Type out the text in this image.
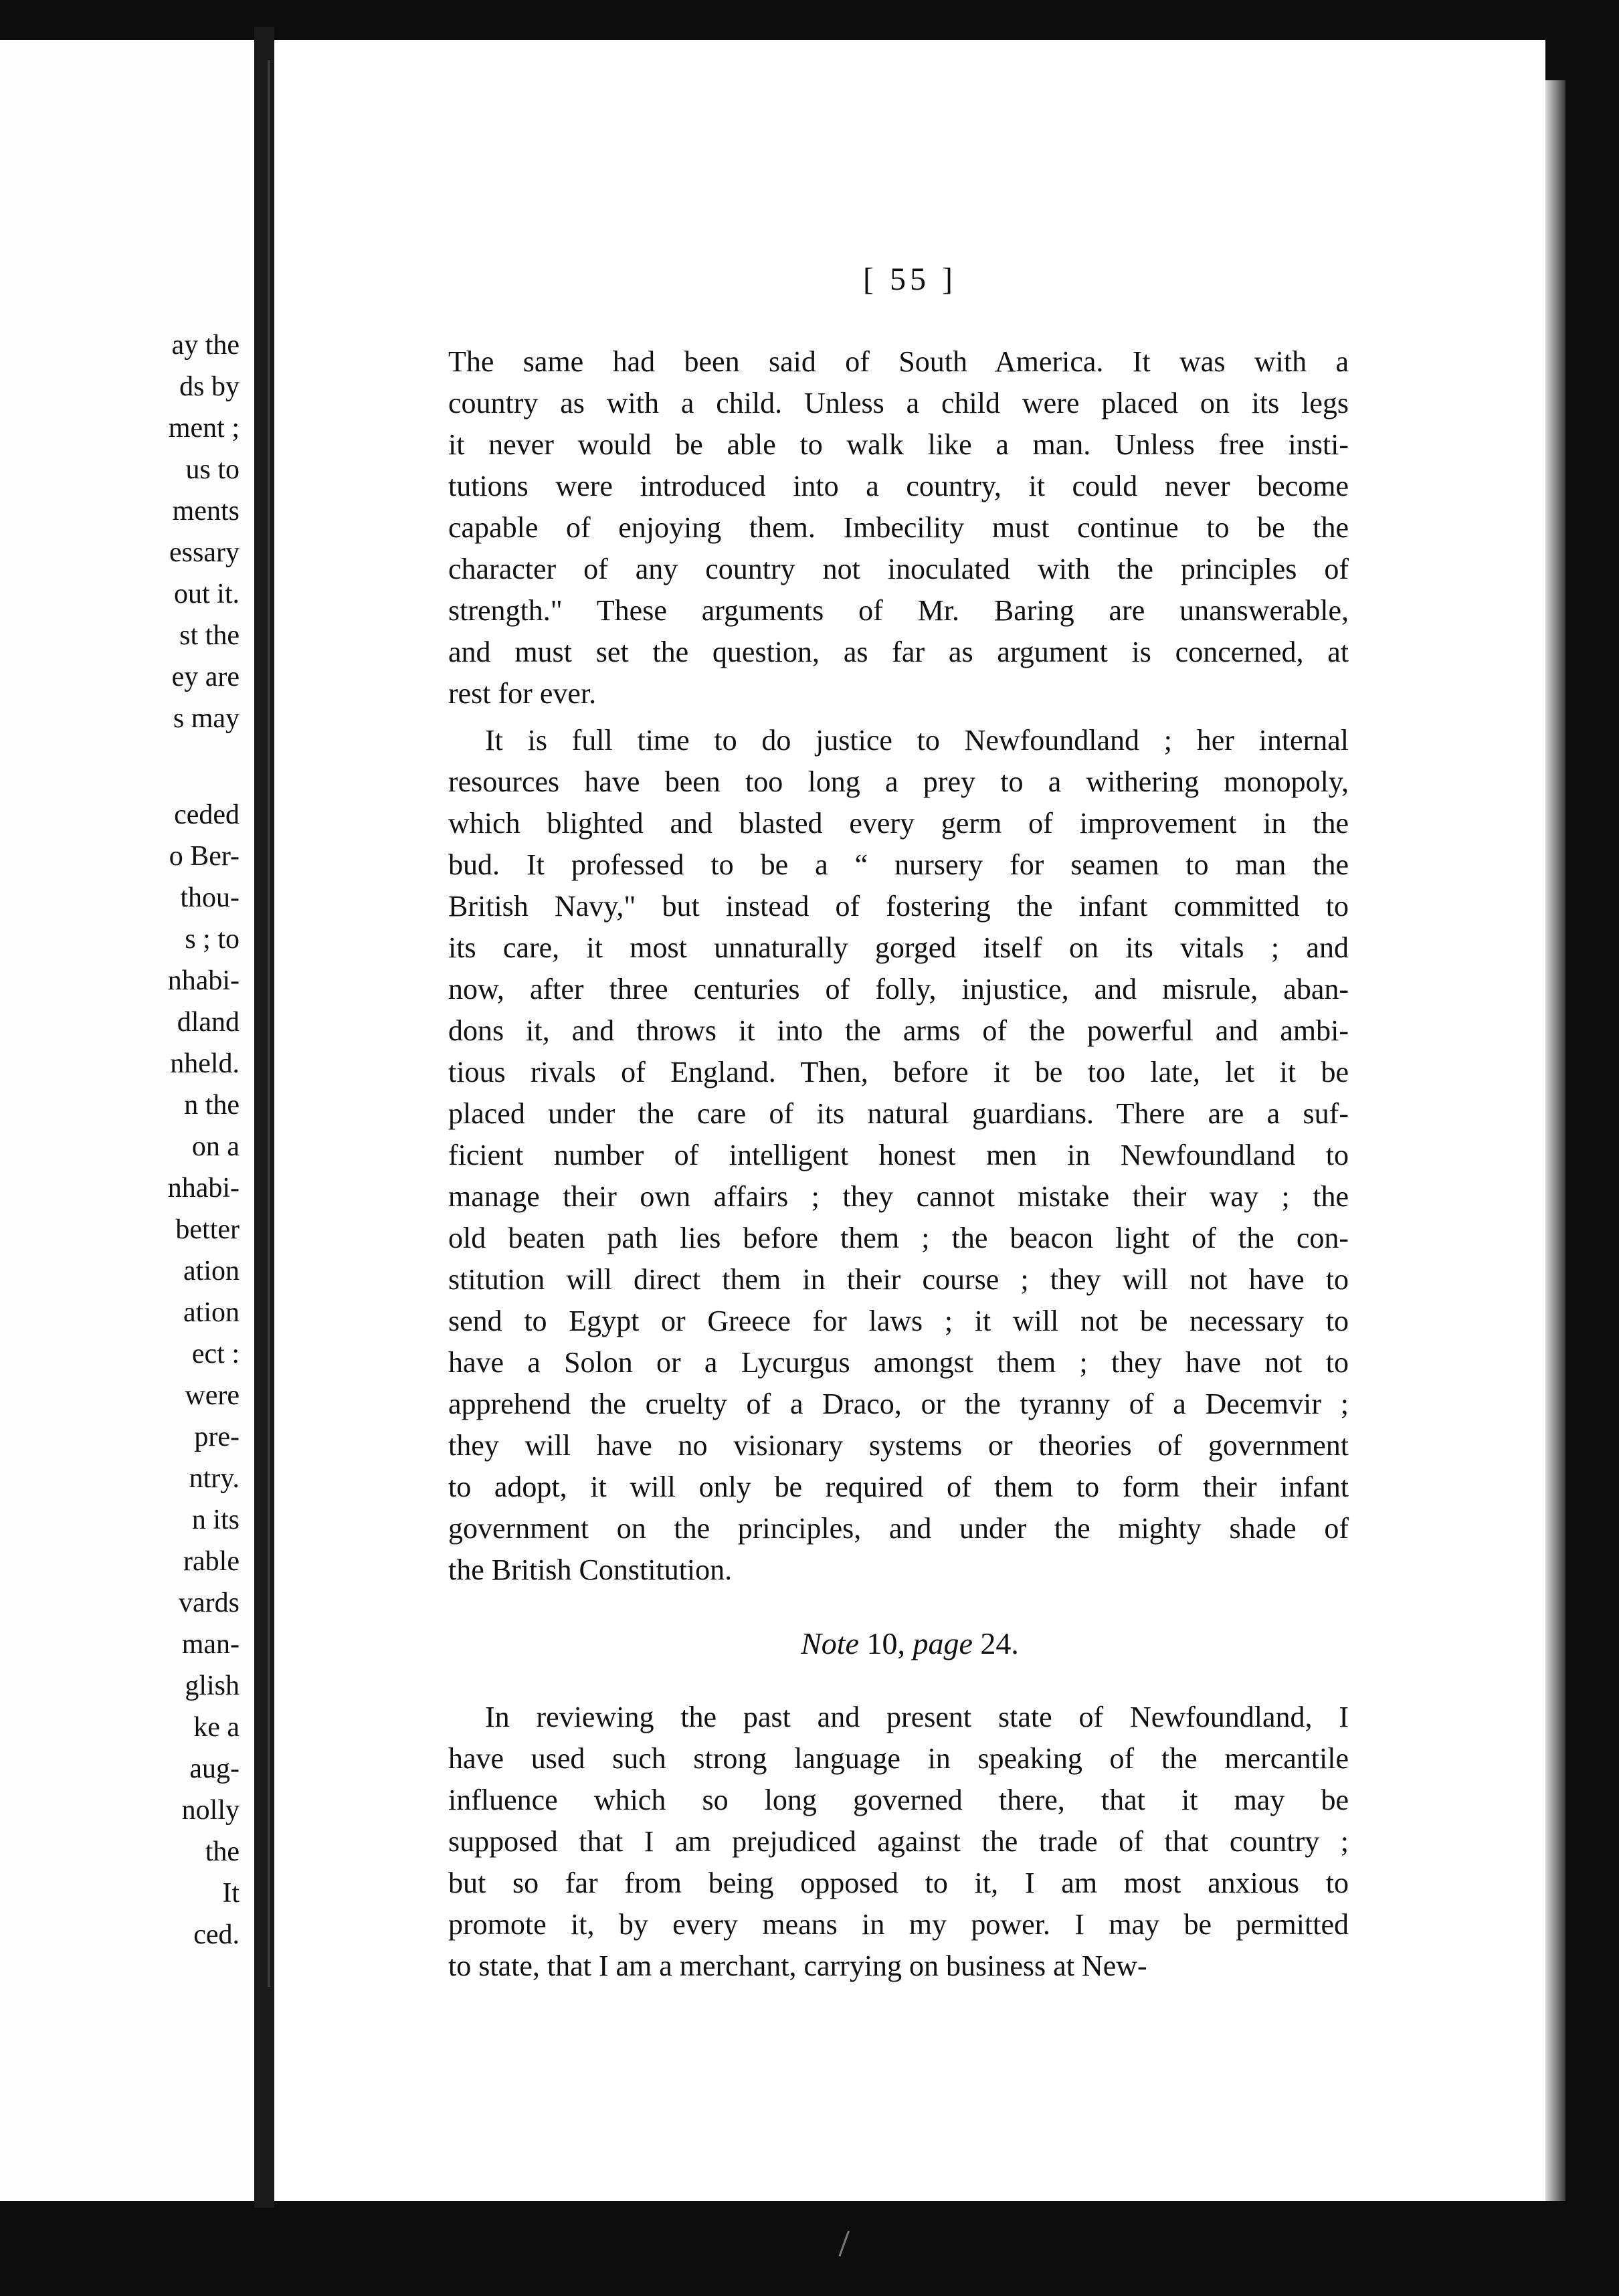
ay the
ds by
ment ;
us to
ments
essary
out it.
st the
ey are
s may
ceded
o Ber-
thou-
s ; to
nhabi-
dland
nheld.
n the
on a
nhabi-
better
ation
ation
ect :
were
pre-
ntry.
n its
rable
vards
man-
glish
ke a
aug-
nolly
the
It
ced.
[ 55 ]
The same had been said of South America. It was with a
country as with a child. Unless a child were placed on its legs
it never would be able to walk like a man. Unless free insti-
tutions were introduced into a country, it could never become
capable of enjoying them. Imbecility must continue to be the
character of any country not inoculated with the principles of
strength." These arguments of Mr. Baring are unanswerable,
and must set the question, as far as argument is concerned, at
rest for ever.
It is full time to do justice to Newfoundland ; her internal
resources have been too long a prey to a withering monopoly,
which blighted and blasted every germ of improvement in the
bud. It professed to be a “ nursery for seamen to man the
British Navy," but instead of fostering the infant committed to
its care, it most unnaturally gorged itself on its vitals ; and
now, after three centuries of folly, injustice, and misrule, aban-
dons it, and throws it into the arms of the powerful and ambi-
tious rivals of England. Then, before it be too late, let it be
placed under the care of its natural guardians. There are a suf-
ficient number of intelligent honest men in Newfoundland to
manage their own affairs ; they cannot mistake their way ; the
old beaten path lies before them ; the beacon light of the con-
stitution will direct them in their course ; they will not have to
send to Egypt or Greece for laws ; it will not be necessary to
have a Solon or a Lycurgus amongst them ; they have not to
apprehend the cruelty of a Draco, or the tyranny of a Decemvir ;
they will have no visionary systems or theories of government
to adopt, it will only be required of them to form their infant
government on the principles, and under the mighty shade of
the British Constitution.
Note 10, page 24.
In reviewing the past and present state of Newfoundland, I
have used such strong language in speaking of the mercantile
influence which so long governed there, that it may be
supposed that I am prejudiced against the trade of that country ;
but so far from being opposed to it, I am most anxious to
promote it, by every means in my power. I may be permitted
to state, that I am a merchant, carrying on business at New-
